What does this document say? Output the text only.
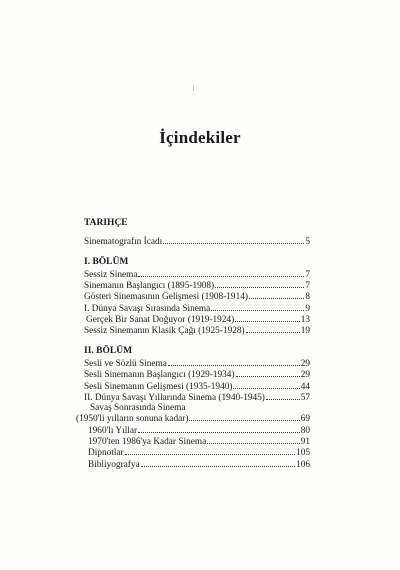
İçindekiler
TARIHÇE
Sinematografın İcadı	5
I. BÖLÜM
Sessiz Sinema	7
Sinemanın Başlangıcı (1895-1908)	7
Gösteri Sinemasının Gelişmesi (1908-1914)	8
I. Dünya Savaşı Sırasında Sinema	9
Gerçek Bir Sanat Doğuyor (1919-1924)	13
Sessiz Sinemanın Klasik Çağı (1925-1928)	19
II. BÖLÜM
Sesli ve Sözlü Sinema	29
Sesli Sinemanın Başlangıcı (1929-1934)	29
Sesli Sinemanın Gelişmesi (1935-1940)	44
II. Dünya Savaşı Yıllarında Sinema (1940-1945)	57
Savaş Sonrasında Sinema
(1950'li yılların sonuna kadar)	69
1960'lı Yıllar	80
1970'ten 1986'ya Kadar Sinema	91
Dipnotlar	105
Bibliyografya	106
